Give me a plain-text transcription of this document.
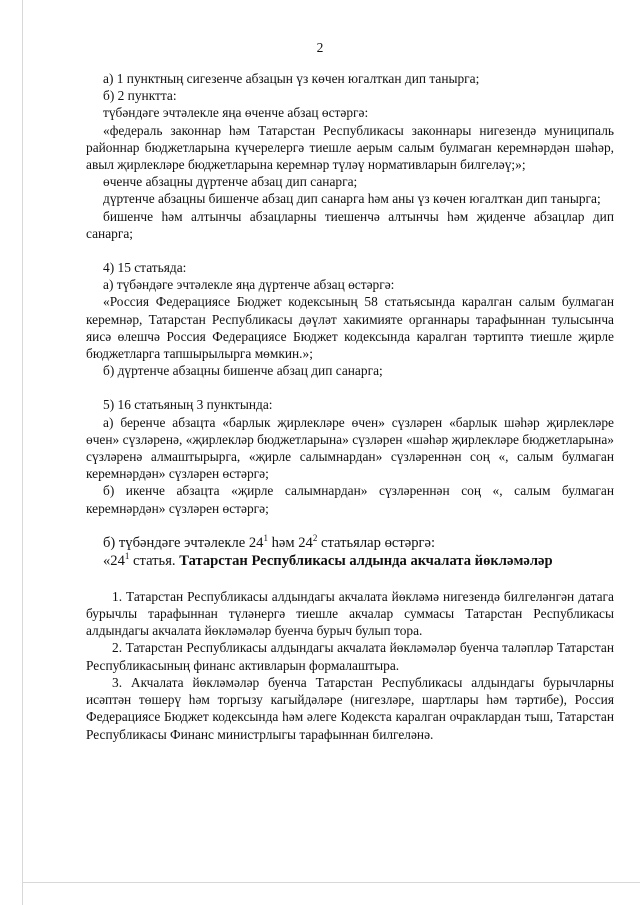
2

а) 1 пунктның сигезенче абзацын үз көчен югалткан дип танырга;

б) 2 пунктта:

түбәндәге эчтәлекле яңа өченче абзац өстәргә:

«федераль законнар һәм Татарстан Республикасы законнары нигезендә муниципаль районнар бюджетларына күчерелергә тиешле аерым салым булмаган керемнәрдән шәһәр, авыл җирлекләре бюджетларына керемнәр түләү нормативларын билгеләү;»;

өченче абзацны дүртенче абзац дип санарга;

дүртенче абзацны бишенче абзац дип санарга һәм аны үз көчен югалткан дип танырга;

бишенче һәм алтынчы абзацларны тиешенчә алтынчы һәм җиденче абзацлар дип санарга;

4) 15 статьяда:

а) түбәндәге эчтәлекле яңа дүртенче абзац өстәргә:

«Россия Федерациясе Бюджет кодексының 58 статьясында каралган салым булмаган керемнәр, Татарстан Республикасы дәүләт хакимияте органнары тарафыннан тулысынча яисә өлешчә Россия Федерациясе Бюджет кодексында каралган тәртиптә тиешле җирле бюджетларга тапшырылырга мөмкин.»;

б) дүртенче абзацны бишенче абзац дип санарга;

5) 16 статьяның 3 пунктында:

а) беренче абзацта «барлык җирлекләре өчен» сүзләрен «барлык шәһәр җирлекләре өчен» сүзләренә, «җирлекләр бюджетларына» сүзләрен «шәһәр җирлекләре бюджетларына» сүзләренә алмаштырырга, «җирле салымнардан» сүзләреннән соң «, салым булмаган керемнәрдән» сүзләрен өстәргә;

б) икенче абзацта «җирле салымнардан» сүзләреннән соң «, салым булмаган керемнәрдән» сүзләрен өстәргә;

б) түбәндәге эчтәлекле $24^1$ һәм $24^2$ статьялар өстәргә:

«$24^1$ статья. Татарстан Республикасы алдында акчалата йөкләмәләр

1. Татарстан Республикасы алдындагы акчалата йөкләмә нигезендә билгеләнгән датага бурычлы тарафыннан түләнергә тиешле акчалар суммасы Татарстан Республикасы алдындагы акчалата йөкләмәләр буенча бурыч булып тора.

2. Татарстан Республикасы алдындагы акчалата йөкләмәләр буенча таләпләр Татарстан Республикасының финанс активларын формалаштыра.

3. Акчалата йөкләмәләр буенча Татарстан Республикасы алдындагы бурычларны исәптән төшерү һәм торгызу кагыйдәләре (нигезләре, шартлары һәм тәртибе), Россия Федерациясе Бюджет кодексында һәм әлеге Кодекста каралган очраклардан тыш, Татарстан Республикасы Финанс министрлыгы тарафыннан билгеләнә.
